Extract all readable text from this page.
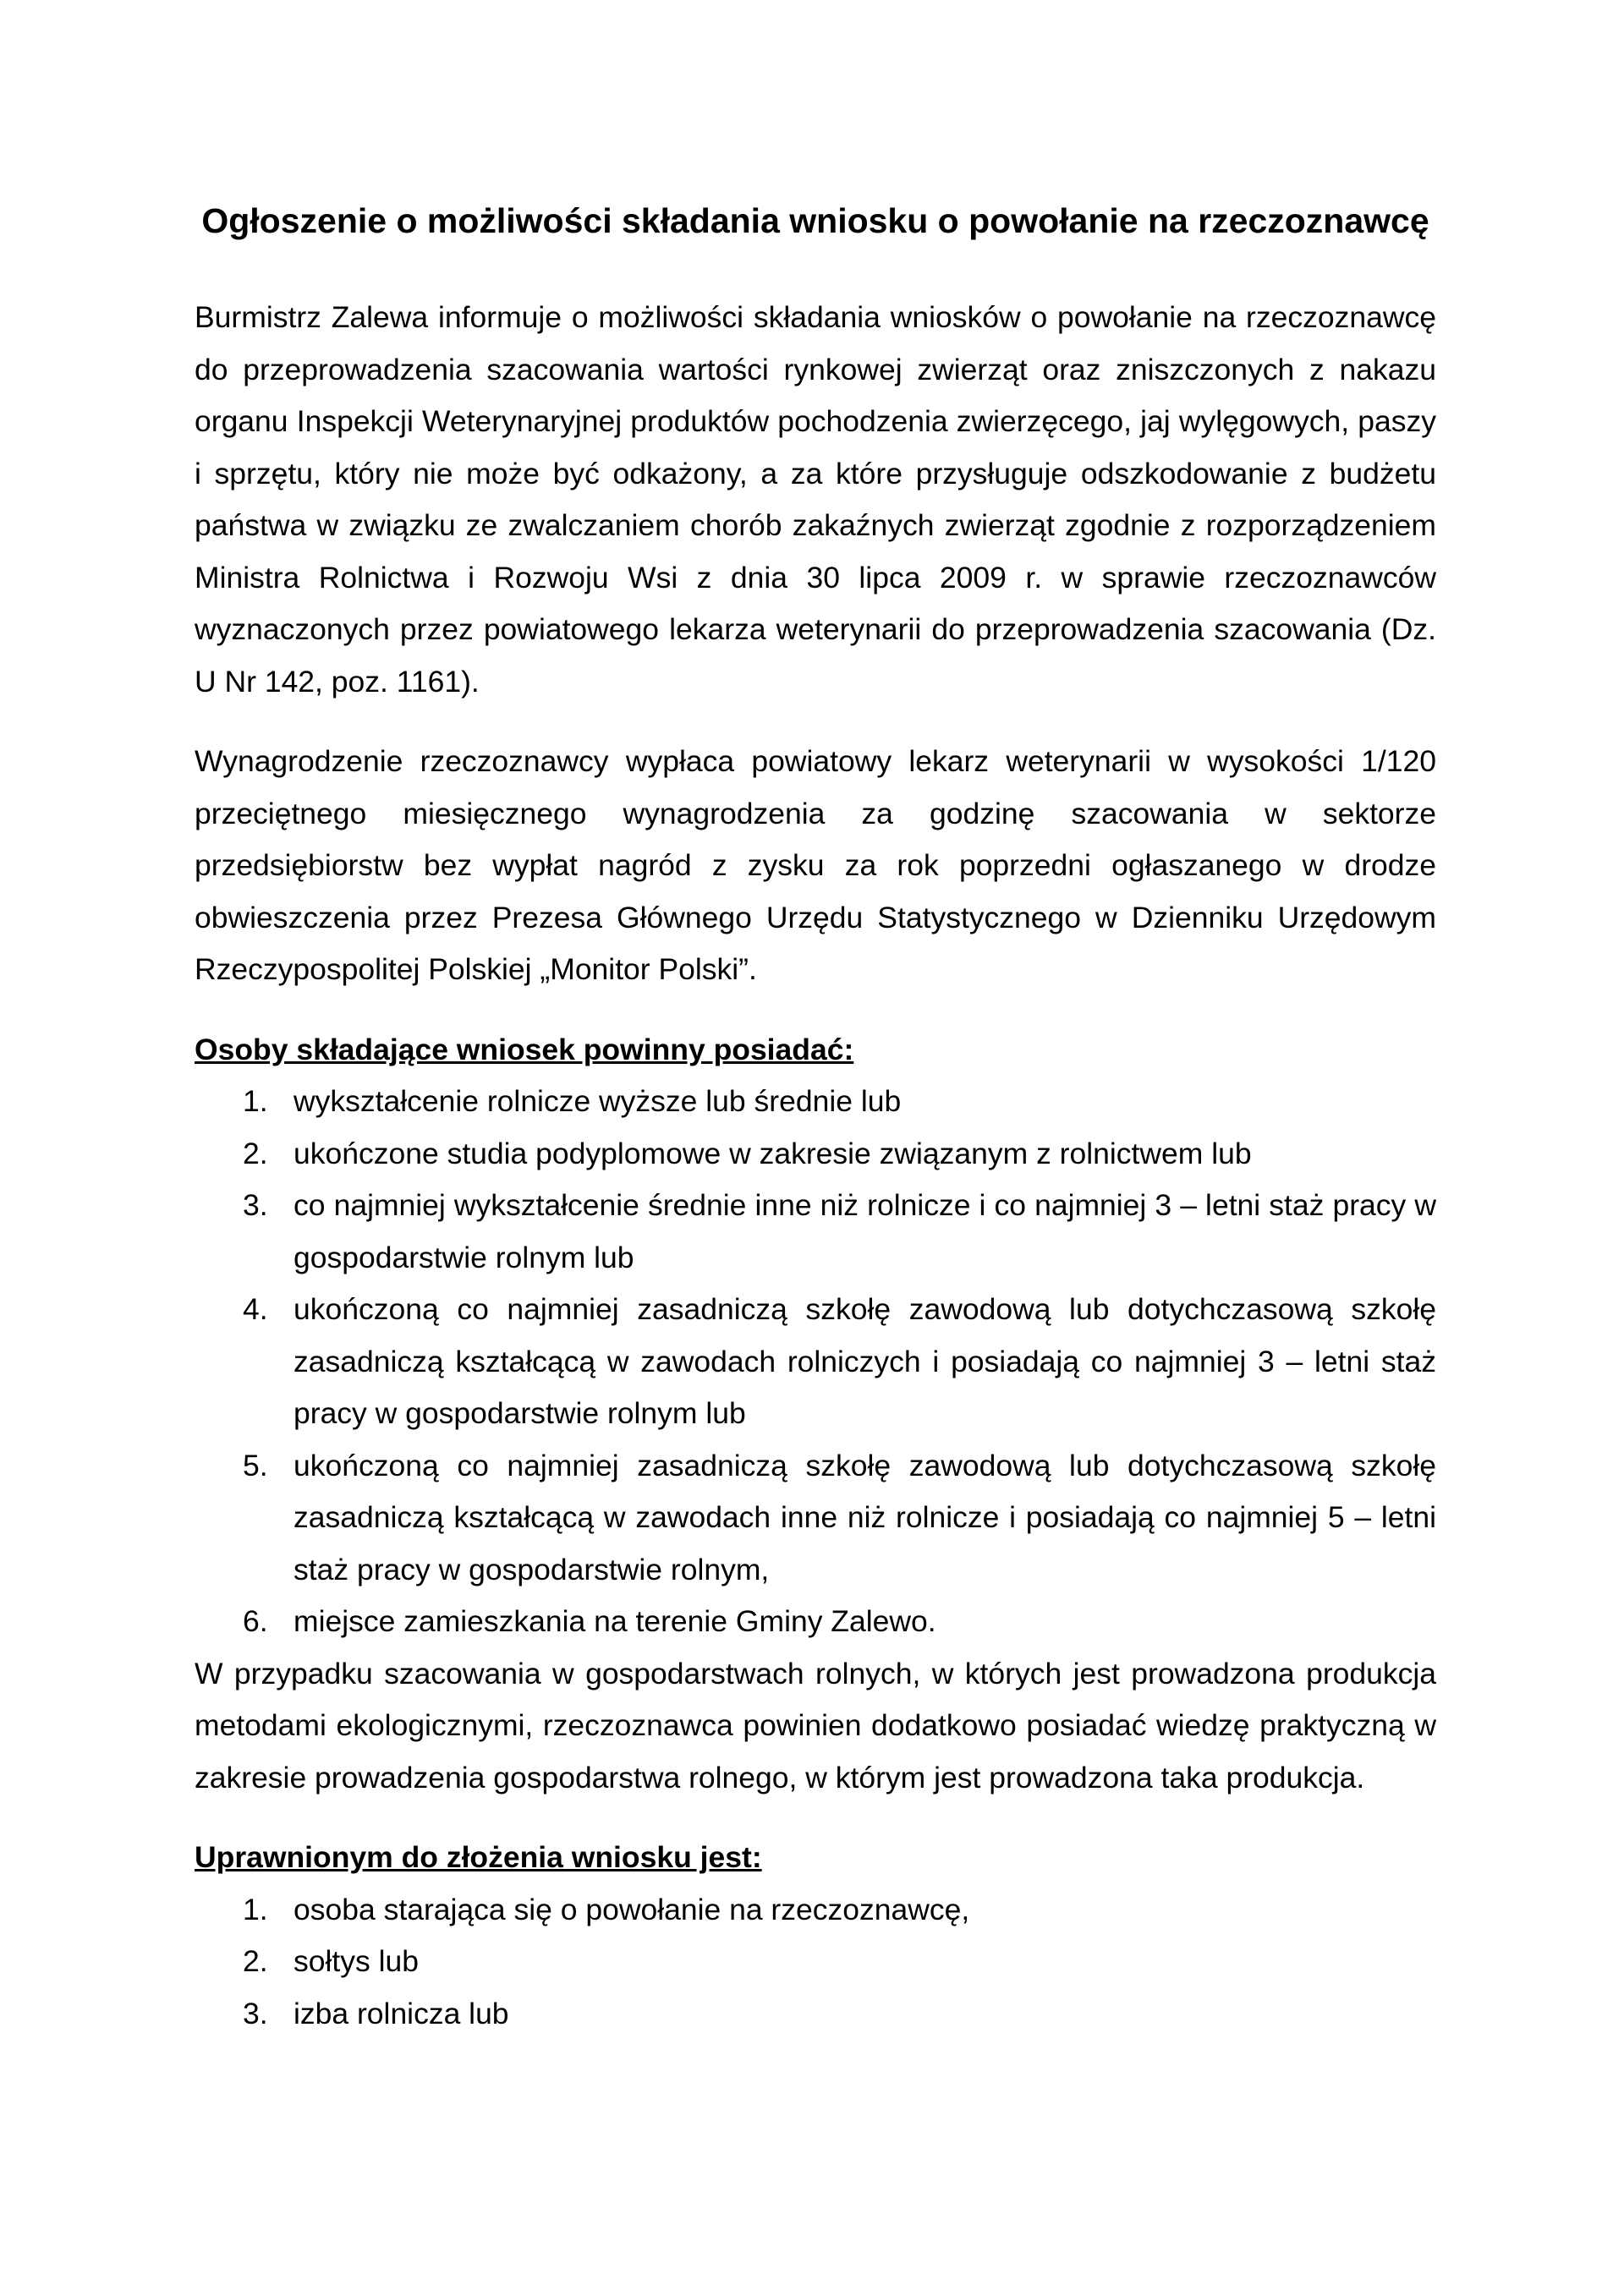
Ogłoszenie o możliwości składania wniosku o powołanie na rzeczoznawcę

Burmistrz Zalewa informuje o możliwości składania wniosków o powołanie na rzeczoznawcę do przeprowadzenia szacowania wartości rynkowej zwierząt oraz zniszczonych z nakazu organu Inspekcji Weterynaryjnej produktów pochodzenia zwierzęcego, jaj wylęgowych, paszy i sprzętu, który nie może być odkażony, a za które przysługuje odszkodowanie z budżetu państwa w związku ze zwalczaniem chorób zakaźnych zwierząt zgodnie z rozporządzeniem Ministra Rolnictwa i Rozwoju Wsi z dnia 30 lipca 2009 r. w sprawie rzeczoznawców wyznaczonych przez powiatowego lekarza weterynarii do przeprowadzenia szacowania (Dz. U Nr 142, poz. 1161).

Wynagrodzenie rzeczoznawcy wypłaca powiatowy lekarz weterynarii w wysokości 1/120 przeciętnego miesięcznego wynagrodzenia za godzinę szacowania w sektorze przedsiębiorstw bez wypłat nagród z zysku za rok poprzedni ogłaszanego w drodze obwieszczenia przez Prezesa Głównego Urzędu Statystycznego w Dzienniku Urzędowym Rzeczypospolitej Polskiej „Monitor Polski”.

Osoby składające wniosek powinny posiadać:

1. wykształcenie rolnicze wyższe lub średnie lub
2. ukończone studia podyplomowe w zakresie związanym z rolnictwem lub
3. co najmniej wykształcenie średnie inne niż rolnicze i co najmniej 3 – letni staż pracy w gospodarstwie rolnym lub
4. ukończoną co najmniej zasadniczą szkołę zawodową lub dotychczasową szkołę zasadniczą kształcącą w zawodach rolniczych i posiadają co najmniej 3 – letni staż pracy w gospodarstwie rolnym lub
5. ukończoną co najmniej zasadniczą szkołę zawodową lub dotychczasową szkołę zasadniczą kształcącą w zawodach inne niż rolnicze i posiadają co najmniej 5 – letni staż pracy w gospodarstwie rolnym,
6. miejsce zamieszkania na terenie Gminy Zalewo.

W przypadku szacowania w gospodarstwach rolnych, w których jest prowadzona produkcja metodami ekologicznymi, rzeczoznawca powinien dodatkowo posiadać wiedzę praktyczną w zakresie prowadzenia gospodarstwa rolnego, w którym jest prowadzona taka produkcja.

Uprawnionym do złożenia wniosku jest:

1. osoba starająca się o powołanie na rzeczoznawcę,
2. sołtys lub
3. izba rolnicza lub
